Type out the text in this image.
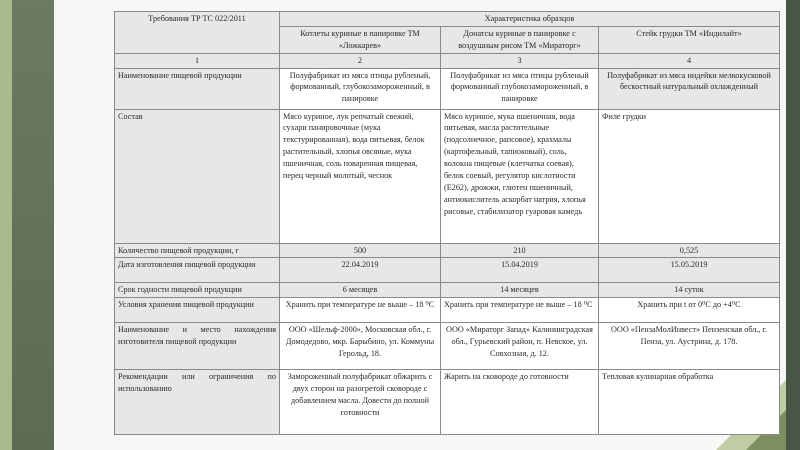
Требования ТР ТС 022/2011	Характеристика образцов		
	Котлеты куриные в панировке ТМ «Ложкарев»	Донатсы куриные в панировке с воздушным рисом ТМ «Мираторг»	Стейк грудки ТМ «Индилайт»
1	2	3	4
Наименование пищевой продукции	Полуфабрикат из мяса птицы рубленый, формованный, глубокозамороженный, в панировке	Полуфабрикат из мяса птицы рубленый формованный глубокозамороженный, в панировке	Полуфабрикат из мяса индейки мелкокусковой бескостный натуральный охлажденный
Состав	Мясо куриное, лук репчатый свежий, сухари панировочные (мука текстурированная), вода питьевая, белок растительный, хлопья овсяные, мука пшеничная, соль поваренная пищевая, перец черный молотый, чеснок	Мясо куриное, мука пшеничная, вода питьевая, масла растительные (подсолнечное, рапсовое), крахмалы (картофельный, тапиоковый), соль, волокна пищевые (клетчатка соевая), белок соевый, регулятор кислотности (Е262), дрожжи, глютен пшеничный, антиокислитель аскорбат натрия, хлопья рисовые, стабилизатор гуаровая камедь	Филе грудки
Количество пищевой продукции, г	500	210	0,525
Дата изготовления пищевой продукции	22.04.2019	15.04.2019	15.05.2019
Срок годности пищевой продукции	6 месяцев	14 месяцев	14 суток
Условия хранения пищевой продукции	Хранить при температуре не выше – 18 ⁰С	Хранить при температуре не выше – 18 ⁰С	Хранить при t от 0⁰С до +4⁰С
Наименование и место нахождения изготовителя пищевой продукции	ООО «Шельф-2000», Московская обл., г. Домодедово, мкр. Барыбино, ул. Коммуны Герольд, 18.	ООО «Мираторг Запад» Калининградская обл., Гурьевский район, п. Невское, ул. Совхозная, д. 12.	ООО «ПензаМолИнвест» Пензенская обл., г. Пенза, ул. Аустрина, д. 178.
Рекомендации или ограничения по использованию	Замороженный полуфабрикат обжарить с двух сторон на разогретой сковороде с добавлением масла. Довести до полной готовности	Жарить на сковороде до готовности	Тепловая кулинарная обработка
